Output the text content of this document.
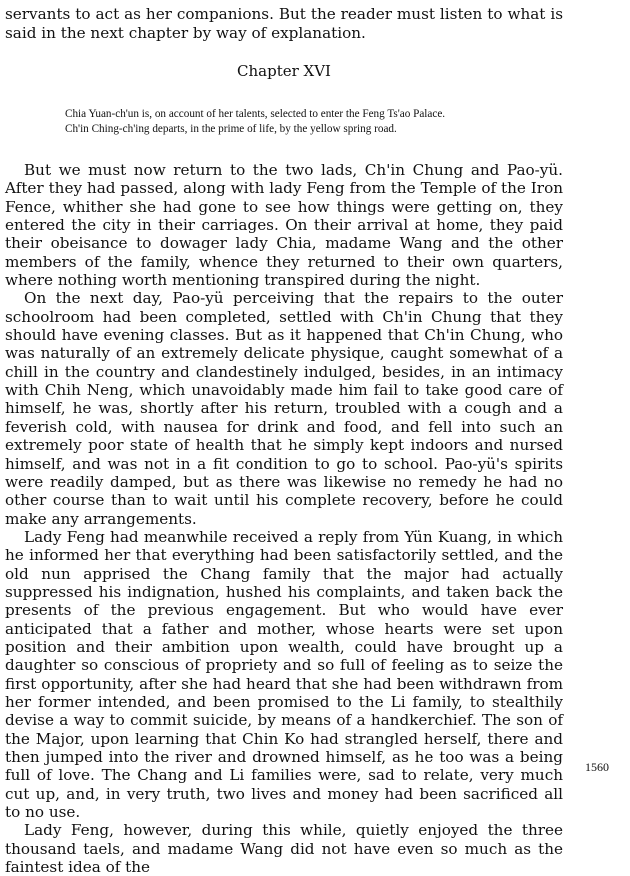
servants to act as her companions. But the reader must listen to what is said in the next chapter by way of explanation.

Chapter XVI
Chia Yuan-ch'un is, on account of her talents, selected to enter the Feng Ts'ao Palace.
Ch'in Ching-ch'ing departs, in the prime of life, by the yellow spring road.

But we must now return to the two lads, Ch'in Chung and Pao-yü. After they had passed, along with lady Feng from the Temple of the Iron Fence, whither she had gone to see how things were getting on, they entered the city in their carriages. On their arrival at home, they paid their obeisance to dowager lady Chia, madame Wang and the other members of the family, whence they returned to their own quarters, where nothing worth mentioning transpired during the night.

On the next day, Pao-yü perceiving that the repairs to the outer schoolroom had been completed, settled with Ch'in Chung that they should have evening classes. But as it happened that Ch'in Chung, who was naturally of an extremely delicate physique, caught somewhat of a chill in the country and clandestinely indulged, besides, in an intimacy with Chih Neng, which unavoidably made him fail to take good care of himself, he was, shortly after his return, troubled with a cough and a feverish cold, with nausea for drink and food, and fell into such an extremely poor state of health that he simply kept indoors and nursed himself, and was not in a fit condition to go to school. Pao-yü's spirits were readily damped, but as there was likewise no remedy he had no other course than to wait until his complete recovery, before he could make any arrangements.

Lady Feng had meanwhile received a reply from Yün Kuang, in which he informed her that everything had been satisfactorily settled, and the old nun apprised the Chang family that the major had actually suppressed his indignation, hushed his complaints, and taken back the presents of the previous engagement. But who would have ever anticipated that a father and mother, whose hearts were set upon position and their ambition upon wealth, could have brought up a daughter so conscious of propriety and so full of feeling as to seize the first opportunity, after she had heard that she had been withdrawn from her former intended, and been promised to the Li family, to stealthily devise a way to commit suicide, by means of a handkerchief. The son of the Major, upon learning that Chin Ko had strangled herself, there and then jumped into the river and drowned himself, as he too was a being full of love. The Chang and Li families were, sad to relate, very much cut up, and, in very truth, two lives and money had been sacrificed all to no use.

Lady Feng, however, during this while, quietly enjoyed the three thousand taels, and madame Wang did not have even so much as the faintest idea of the

1560
